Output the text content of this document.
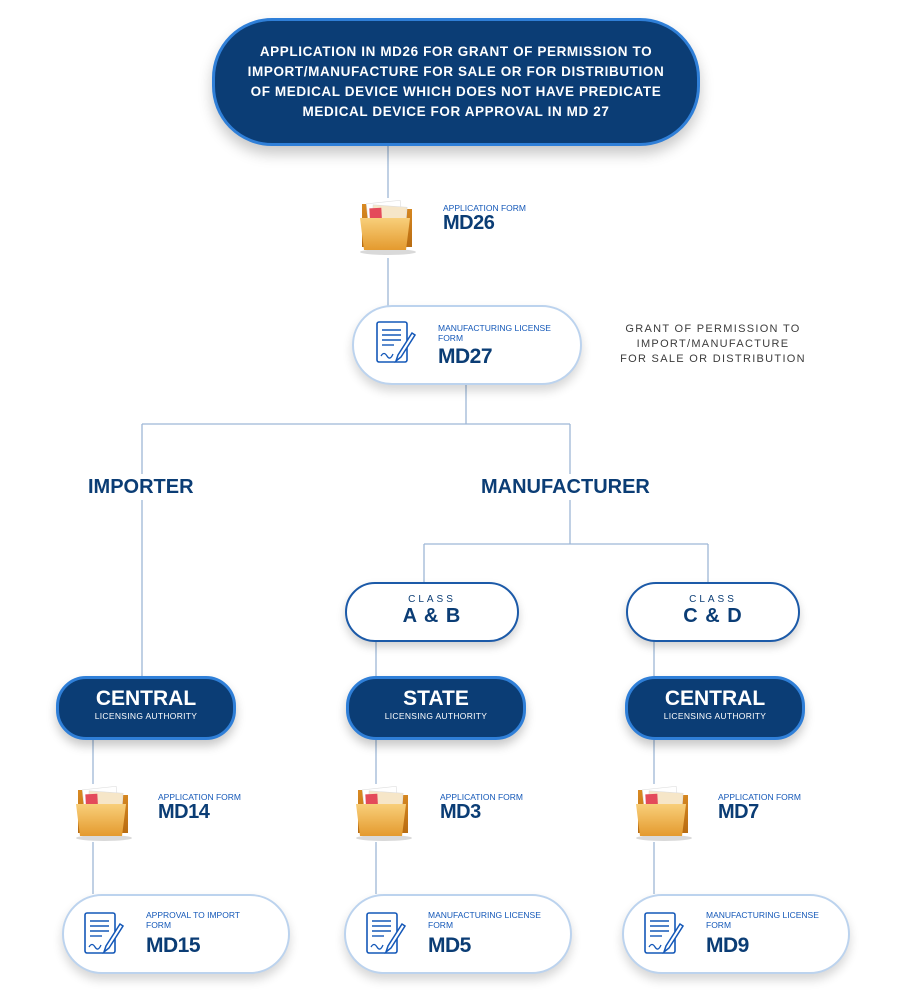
APPLICATION IN MD26 FOR GRANT OF PERMISSION TO
IMPORT/MANUFACTURE FOR SALE OR FOR DISTRIBUTION
OF MEDICAL DEVICE WHICH DOES NOT HAVE PREDICATE
MEDICAL DEVICE FOR APPROVAL IN MD 27
APPLICATION FORM
MD26
MANUFACTURING LICENSE
FORM
MD27
GRANT OF PERMISSION TO
IMPORT/MANUFACTURE
FOR SALE OR DISTRIBUTION
IMPORTER	MANUFACTURER
CLASS
A & B
CLASS
C & D
CENTRAL
LICENSING AUTHORITY
STATE
LICENSING AUTHORITY
CENTRAL
LICENSING AUTHORITY
APPLICATION FORM
MD14
APPLICATION FORM
MD3
APPLICATION FORM
MD7
APPROVAL TO IMPORT
FORM
MD15
MANUFACTURING LICENSE
FORM
MD5
MANUFACTURING LICENSE
FORM
MD9
